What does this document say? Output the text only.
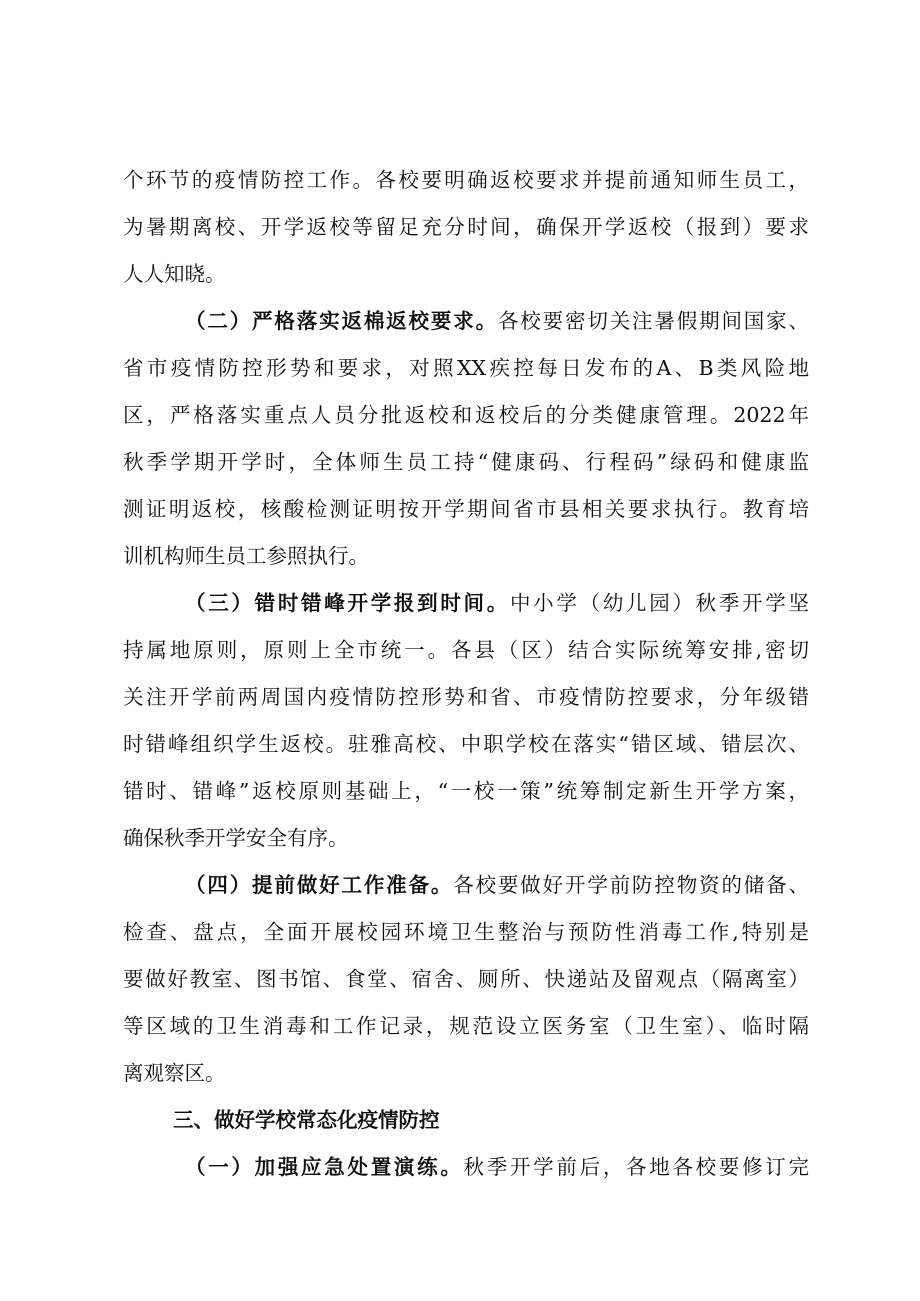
个环节的疫情防控工作。各校要明确返校要求并提前通知师生员工，
为暑期离校、开学返校等留足充分时间，确保开学返校（报到）要求
人人知晓。
（二）严格落实返棉返校要求。各校要密切关注暑假期间国家、
省市疫情防控形势和要求，对照XX疾控每日发布的A、B类风险地
区，严格落实重点人员分批返校和返校后的分类健康管理。2022年
秋季学期开学时，全体师生员工持“健康码、行程码”绿码和健康监
测证明返校，核酸检测证明按开学期间省市县相关要求执行。教育培
训机构师生员工参照执行。
（三）错时错峰开学报到时间。中小学（幼儿园）秋季开学坚
持属地原则，原则上全市统一。各县（区）结合实际统筹安排,密切
关注开学前两周国内疫情防控形势和省、市疫情防控要求，分年级错
时错峰组织学生返校。驻雅高校、中职学校在落实“错区域、错层次、
错时、错峰”返校原则基础上，“一校一策”统筹制定新生开学方案，
确保秋季开学安全有序。
（四）提前做好工作准备。各校要做好开学前防控物资的储备、
检查、盘点，全面开展校园环境卫生整治与预防性消毒工作,特别是
要做好教室、图书馆、食堂、宿舍、厕所、快递站及留观点（隔离室）
等区域的卫生消毒和工作记录，规范设立医务室（卫生室）、临时隔
离观察区。
三、做好学校常态化疫情防控
（一）加强应急处置演练。秋季开学前后，各地各校要修订完
